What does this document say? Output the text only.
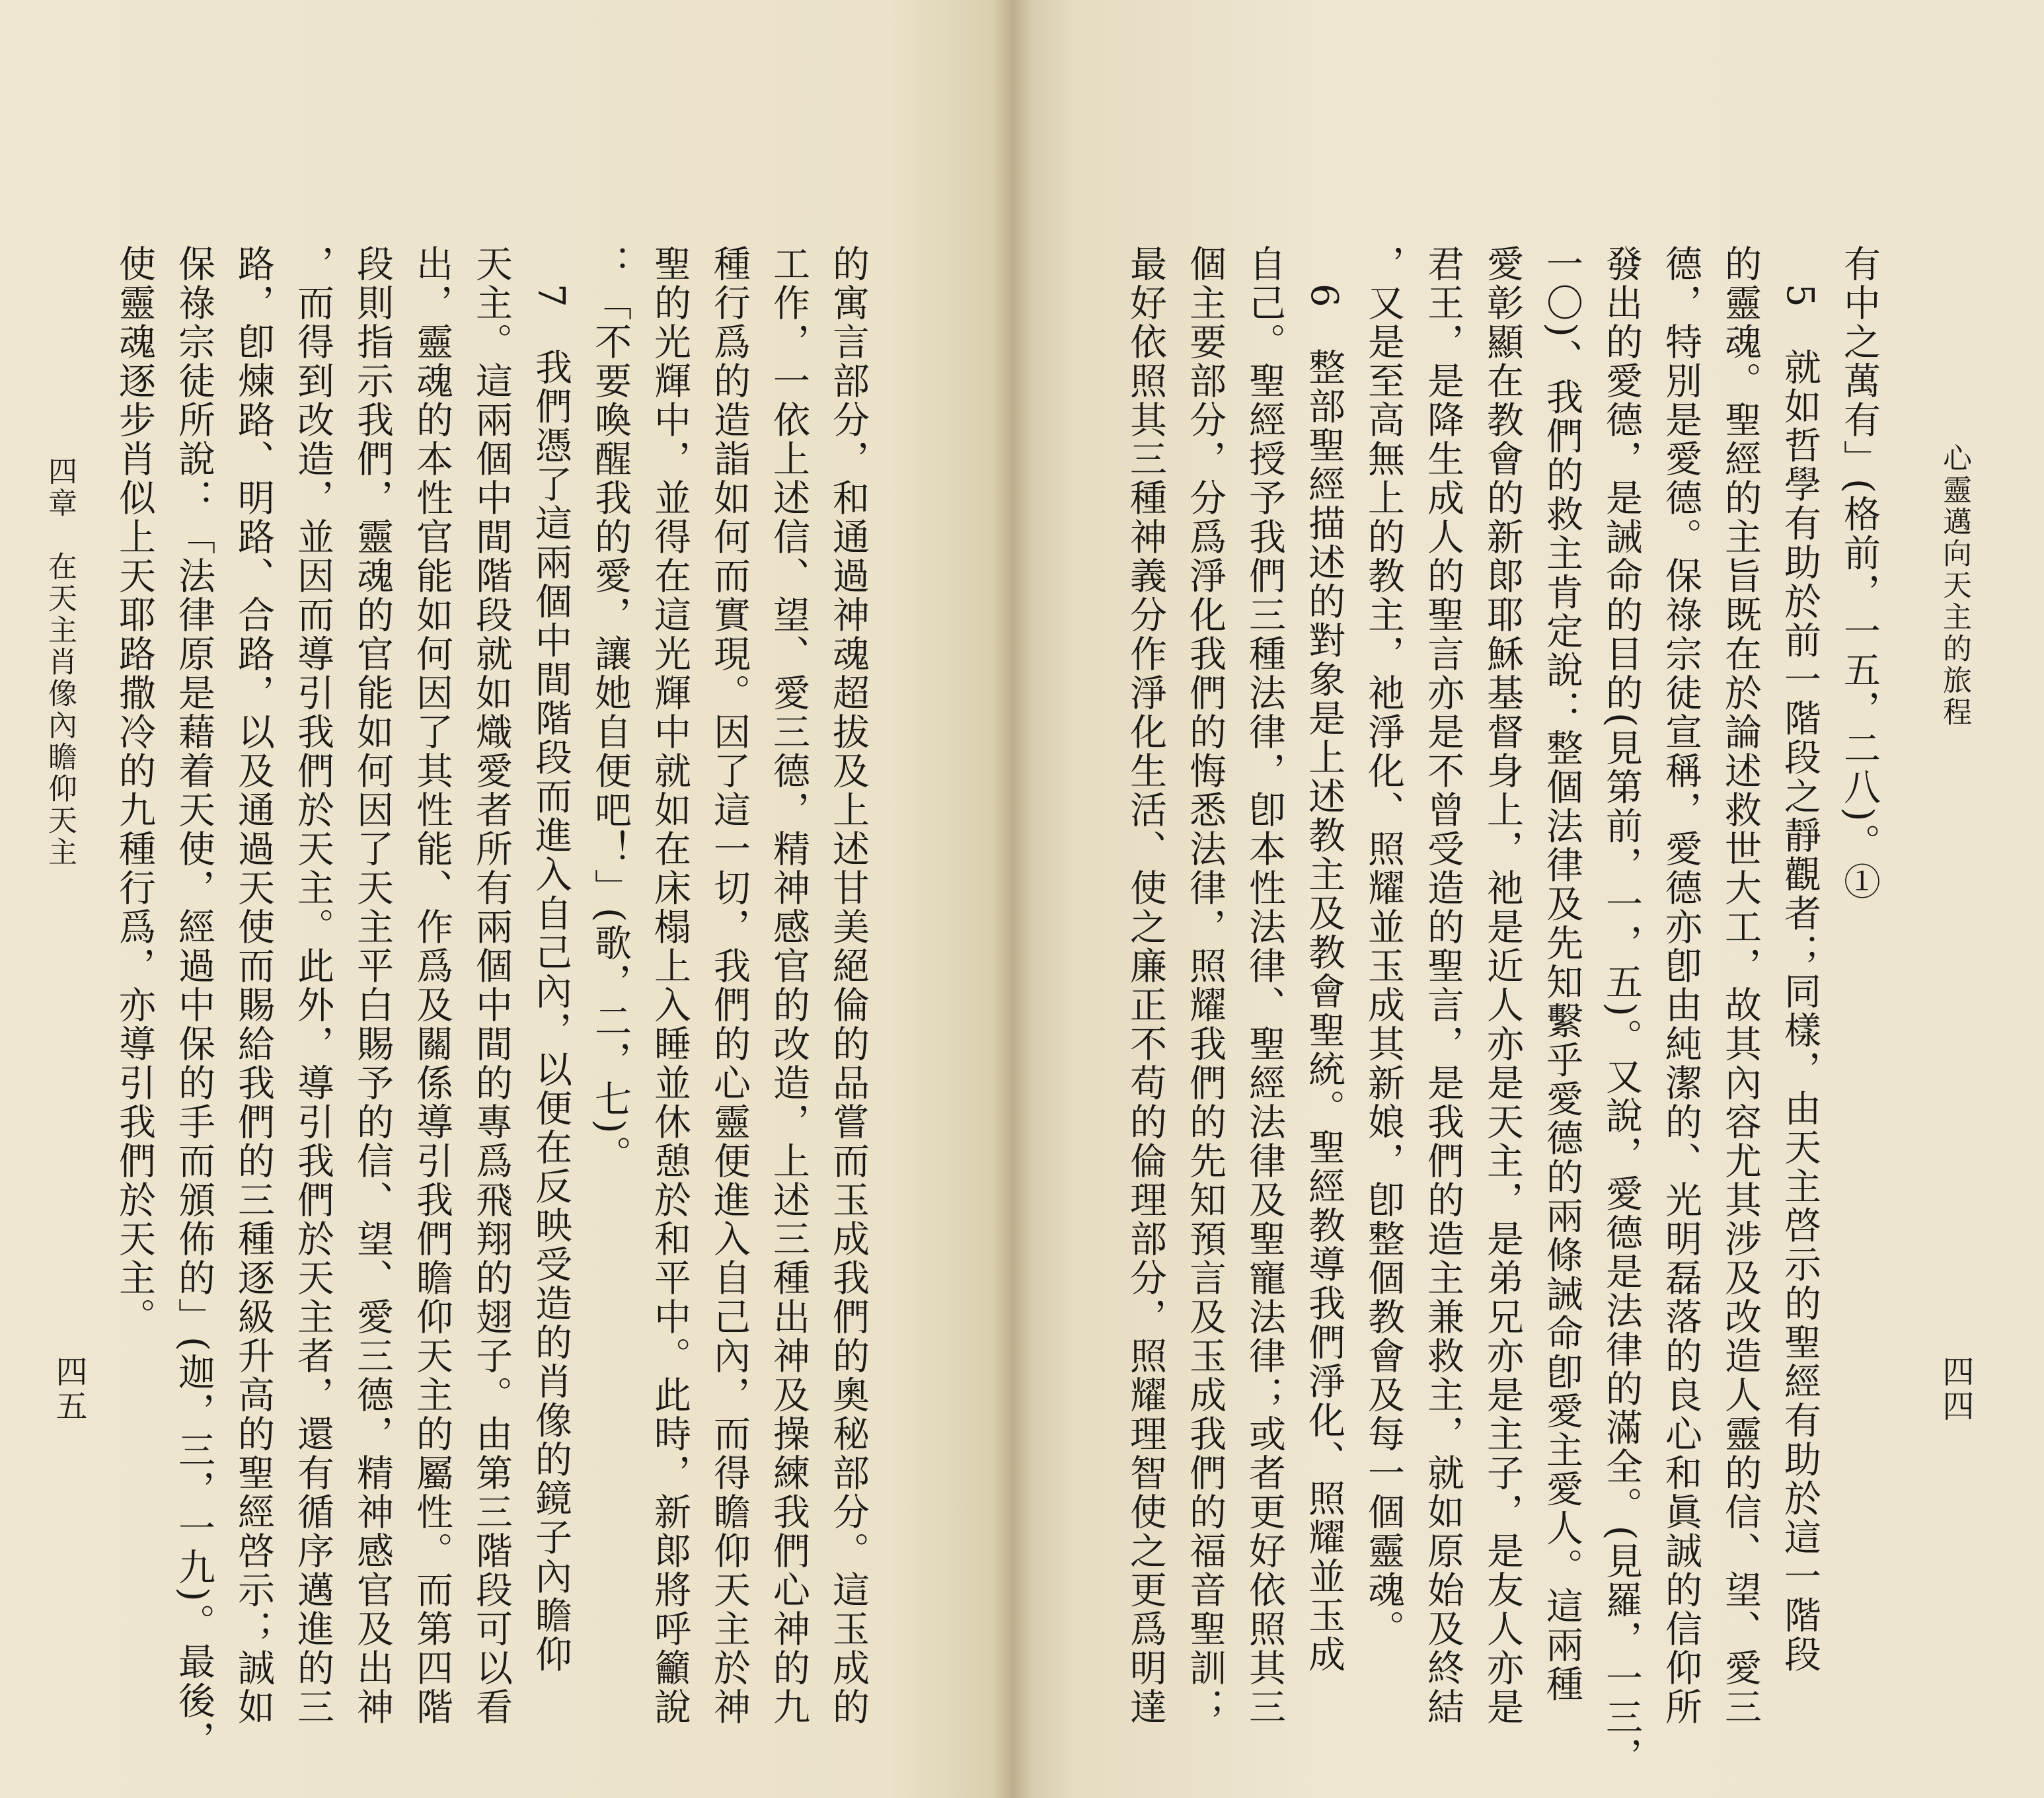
的寓言部分，和通過神魂超拔及上述甘美絕倫的品嘗而玉成我們的奧秘部分。這玉成的
工作，一依上述信、望、愛三德，精神感官的改造，上述三種出神及操練我們心神的九
種行爲的造詣如何而實現。因了這一切，我們的心靈便進入自己內，而得瞻仰天主於神
聖的光輝中，並得在這光輝中就如在床榻上入睡並休憩於和平中。此時，新郞將呼籲說
：「不要喚醒我的愛，讓她自便吧！」(歌，二，七)。
　7　我們憑了這兩個中間階段而進入自己內，以便在反映受造的肖像的鏡子內瞻仰
天主。這兩個中間階段就如熾愛者所有兩個中間的專爲飛翔的翅子。由第三階段可以看
出，靈魂的本性官能如何因了其性能、作爲及關係導引我們瞻仰天主的屬性。而第四階
段則指示我們，靈魂的官能如何因了天主平白賜予的信、望、愛三德，精神感官及出神
，而得到改造，並因而導引我們於天主。此外，導引我們於天主者，還有循序邁進的三
路，卽煉路、明路、合路，以及通過天使而賜給我們的三種逐級升高的聖經啓示；誠如
保祿宗徒所說：「法律原是藉着天使，經過中保的手而頒佈的」(迦，三，一九)。最後，
使靈魂逐步肖似上天耶路撒冷的九種行爲，亦導引我們於天主。
四章　在天主肖像內瞻仰天主
四五
心靈邁向天主的旅程
四四
有中之萬有」(格前，一五，二八)。①
　5　就如哲學有助於前一階段之靜觀者；同樣，由天主啓示的聖經有助於這一階段
的靈魂。聖經的主旨既在於論述救世大工，故其內容尤其涉及改造人靈的信、望、愛三
德，特別是愛德。保祿宗徒宣稱，愛德亦卽由純潔的、光明磊落的良心和眞誠的信仰所
發出的愛德，是誡命的目的(見第前，一，五)。又說，愛德是法律的滿全。(見羅，一三，
一〇)、我們的救主肯定說：整個法律及先知繫乎愛德的兩條誡命卽愛主愛人。這兩種
愛彰顯在教會的新郞耶穌基督身上，祂是近人亦是天主，是弟兄亦是主子，是友人亦是
君王，是降生成人的聖言亦是不曾受造的聖言，是我們的造主兼救主，就如原始及終結
，又是至高無上的教主，祂淨化、照耀並玉成其新娘，卽整個教會及每一個靈魂。
　6　整部聖經描述的對象是上述教主及教會聖統。聖經教導我們淨化、照耀並玉成
自己。聖經授予我們三種法律，卽本性法律、聖經法律及聖寵法律；或者更好依照其三
個主要部分，分爲淨化我們的悔悉法律，照耀我們的先知預言及玉成我們的福音聖訓；
最好依照其三種神義分作淨化生活、使之廉正不苟的倫理部分，照耀理智使之更爲明達
